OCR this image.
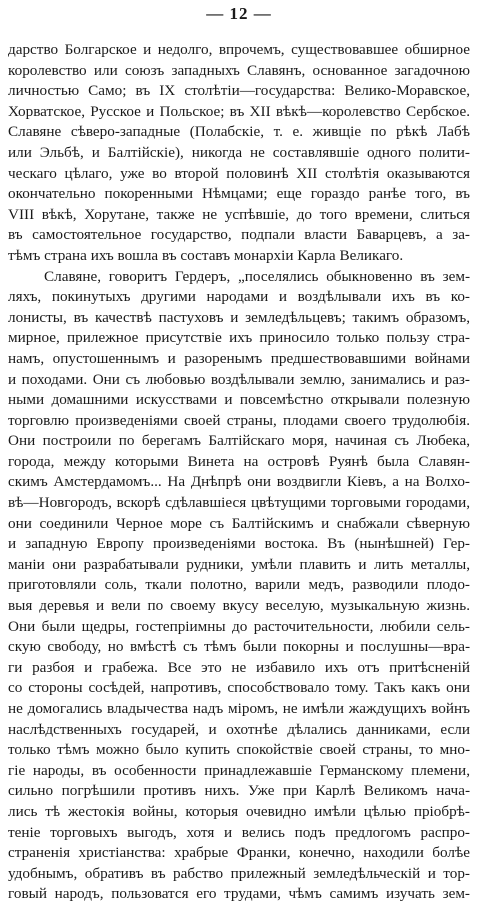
— 12 —
дарство Болгарское и недолго, впрочемъ, существовавшее обширное
королевство или союзъ западныхъ Славянъ, основанное загадочною
личностью Само; въ IX столѣтіи—государства: Велико-Моравское,
Хорватское, Русское и Польское; въ XII вѣкѣ—королевство Сербское.
Славяне сѣверо-западные (Полабскіе, т. е. живщіе по рѣкѣ Лабѣ
или Эльбѣ, и Балтійскіе), никогда не составлявшіе одного полити-
ческаго цѣлаго, уже во второй половинѣ XII столѣтія оказываются
окончательно покоренными Нѣмцами; еще гораздо ранѣе того, въ
VIII вѣкѣ, Хорутане, также не успѣвшіе, до того времени, слиться
въ самостоятельное государство, подпали власти Баварцевъ, а за-
тѣмъ страна ихъ вошла въ составъ монархіи Карла Великаго.
Славяне, говоритъ Гердеръ, „поселялись обыкновенно въ зем-
ляхъ, покинутыхъ другими народами и воздѣлывали ихъ въ ко-
лонисты, въ качествѣ пастуховъ и земледѣльцевъ; такимъ образомъ,
мирное, прилежное присутствіе ихъ приносило только пользу стра-
намъ, опустошеннымъ и разоренымъ предшествовавшими войнами
и походами. Они съ любовью воздѣлывали землю, занимались и раз-
ными домашними искусствами и повсемѣстно открывали полезную
торговлю произведеніями своей страны, плодами своего трудолюбія.
Они построили по берегамъ Балтійскаго моря, начиная съ Любека,
города, между которыми Винета на островѣ Руянѣ была Славян-
скимъ Амстердамомъ... На Днѣпрѣ они воздвигли Кіевъ, а на Волхо-
вѣ—Новгородъ, вскорѣ сдѣлавшіеся цвѣтущими торговыми городами,
они соединили Черное море съ Балтійскимъ и снабжали сѣверную
и западную Европу произведеніями востока. Въ (нынѣшней) Гер-
маніи они разрабатывали рудники, умѣли плавить и лить металлы,
приготовляли соль, ткали полотно, варили медъ, разводили плодо-
выя деревья и вели по своему вкусу веселую, музыкальную жизнь.
Они были щедры, гостепріимны до расточительности, любили сель-
скую свободу, но вмѣстѣ съ тѣмъ были покорны и послушны—вра-
ги разбоя и грабежа. Все это не избавило ихъ отъ притѣсненій
со стороны сосѣдей, напротивъ, способствовало тому. Такъ какъ они
не домогались владычества надъ міромъ, не имѣли жаждущихъ войнъ
наслѣдственныхъ государей, и охотнѣе дѣлались данниками, если
только тѣмъ можно было купить спокойствіе своей страны, то мно-
гіе народы, въ особенности принадлежавшіе Германскому племени,
сильно погрѣшили противъ нихъ. Уже при Карлѣ Великомъ нача-
лись тѣ жестокія войны, которыя очевидно имѣли цѣлью пріобрѣ-
теніе торговыхъ выгодъ, хотя и велись подъ предлогомъ распро-
страненія христіанства: храбрые Франки, конечно, находили болѣе
удобнымъ, обративъ въ рабство прилежный земледѣльческій и тор-
говый народъ, пользоватся его трудами, чѣмъ самимъ изучать зем-
